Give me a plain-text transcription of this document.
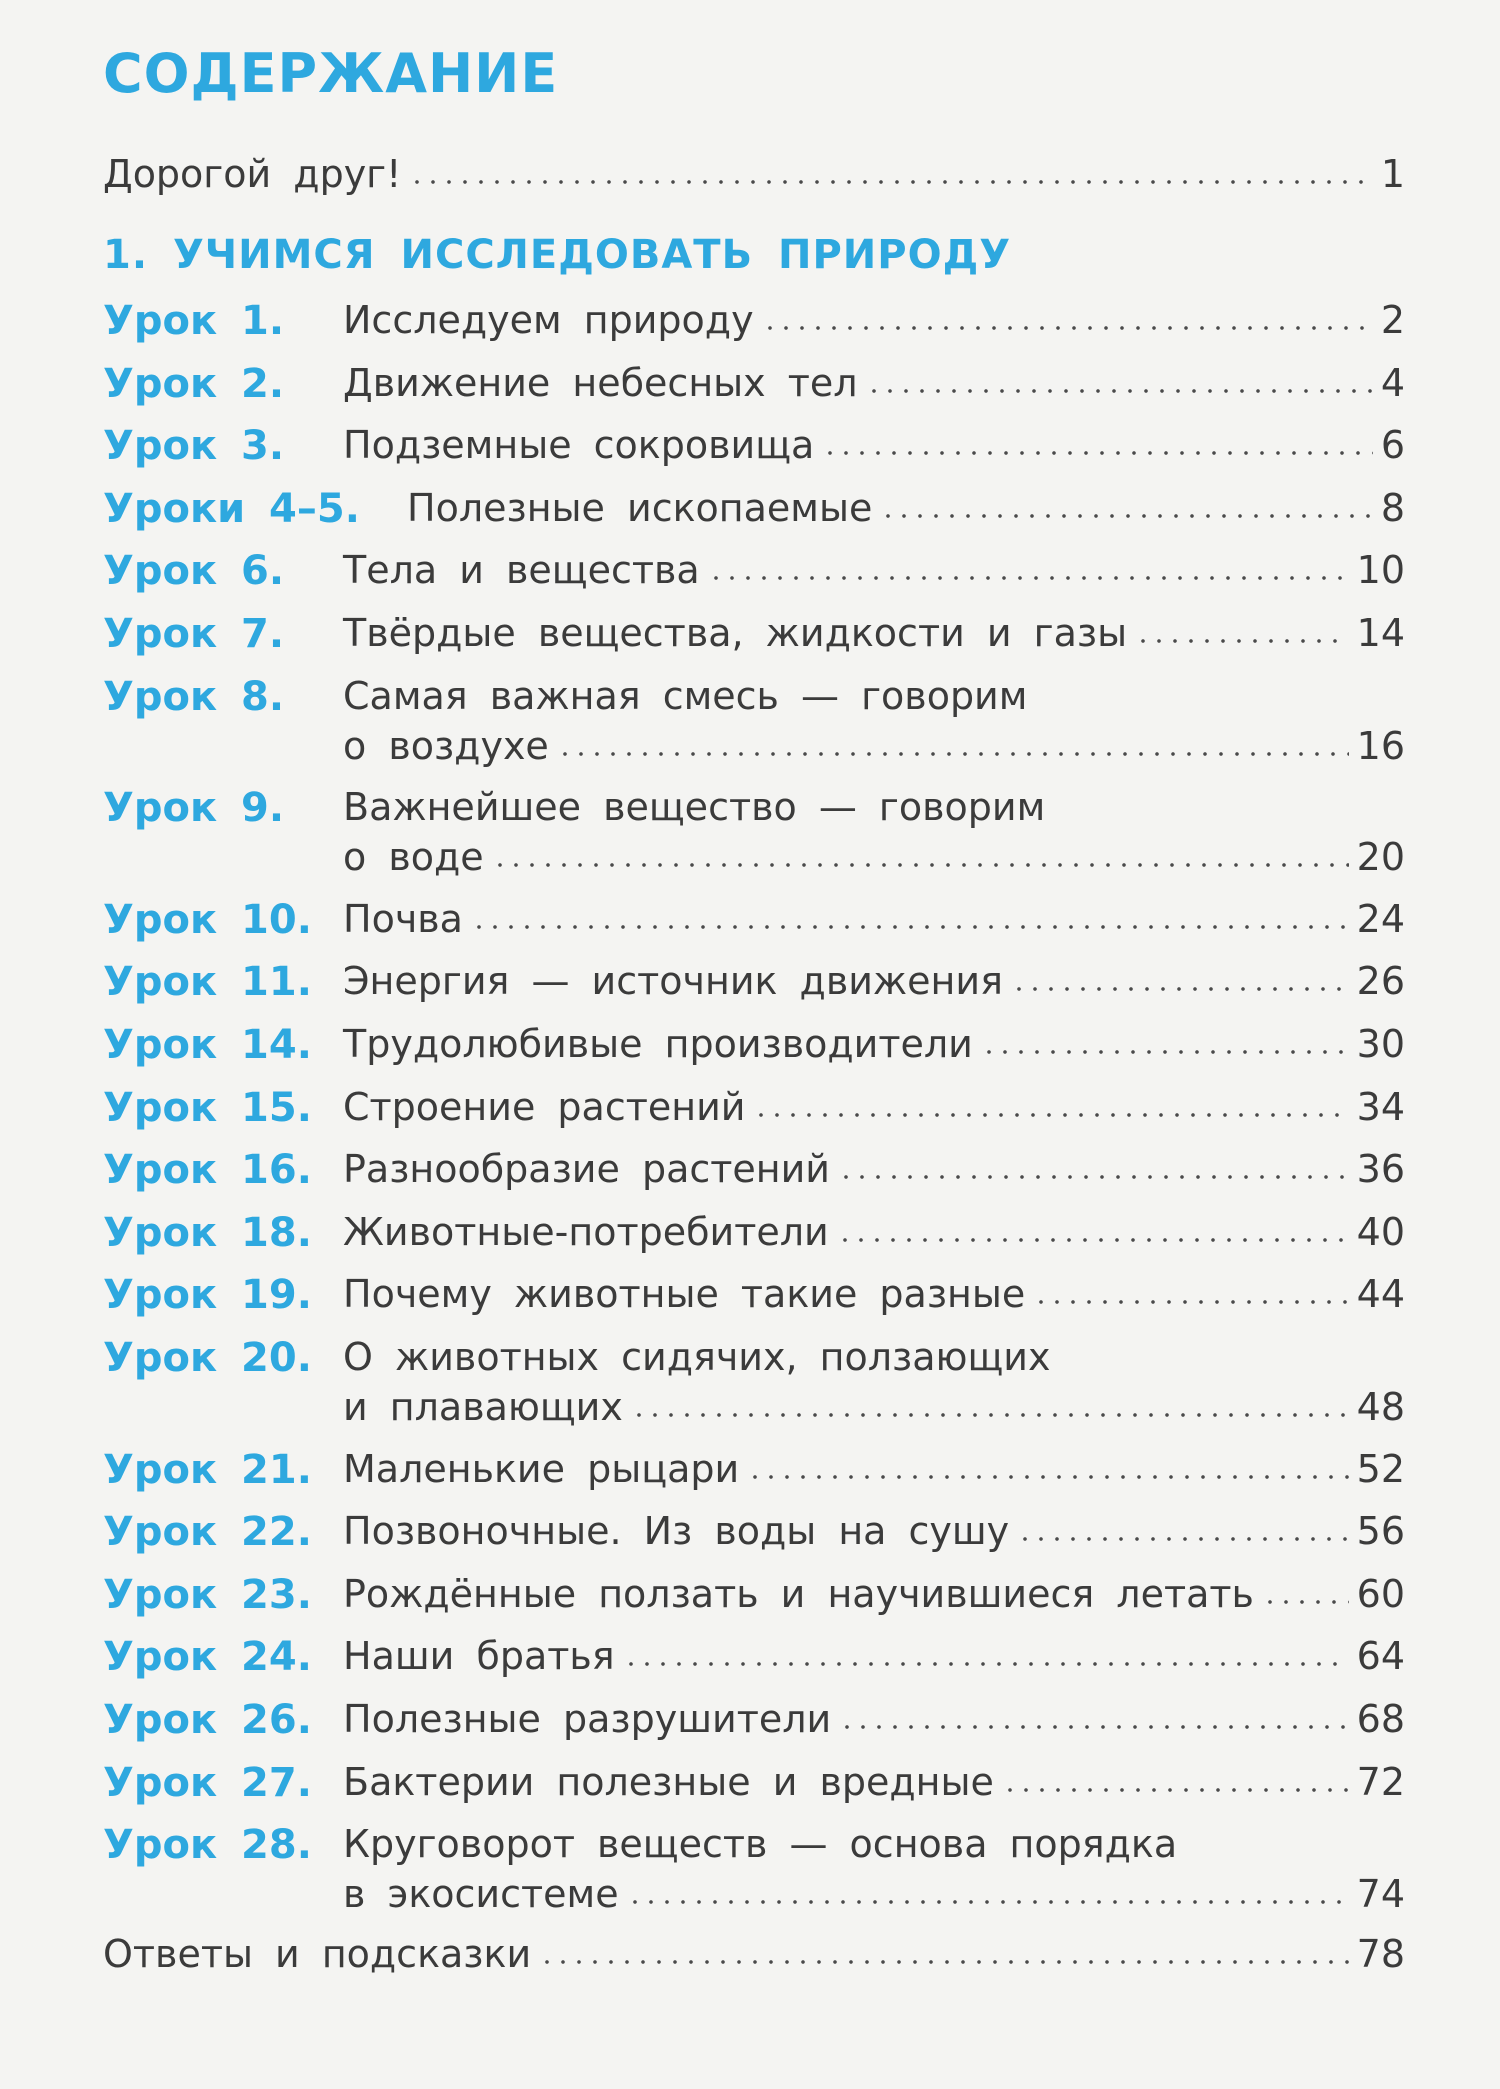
СОДЕРЖАНИЕ
Дорогой друг!	1
1. УЧИМСЯ ИССЛЕДОВАТЬ ПРИРОДУ
Урок 1. Исследуем природу	2
Урок 2. Движение небесных тел	4
Урок 3. Подземные сокровища	6
Уроки 4–5. Полезные ископаемые	8
Урок 6. Тела и вещества	10
Урок 7. Твёрдые вещества, жидкости и газы	14
Урок 8. Самая важная смесь — говорим
о воздухе	16
Урок 9. Важнейшее вещество — говорим
о воде	20
Урок 10. Почва	24
Урок 11. Энергия — источник движения	26
Урок 14. Трудолюбивые производители	30
Урок 15. Строение растений	34
Урок 16. Разнообразие растений	36
Урок 18. Животные-потребители	40
Урок 19. Почему животные такие разные	44
Урок 20. О животных сидячих, ползающих
и плавающих	48
Урок 21. Маленькие рыцари	52
Урок 22. Позвоночные. Из воды на сушу	56
Урок 23. Рождённые ползать и научившиеся летать	60
Урок 24. Наши братья	64
Урок 26. Полезные разрушители	68
Урок 27. Бактерии полезные и вредные	72
Урок 28. Круговорот веществ — основа порядка
в экосистеме	74
Ответы и подсказки	78
